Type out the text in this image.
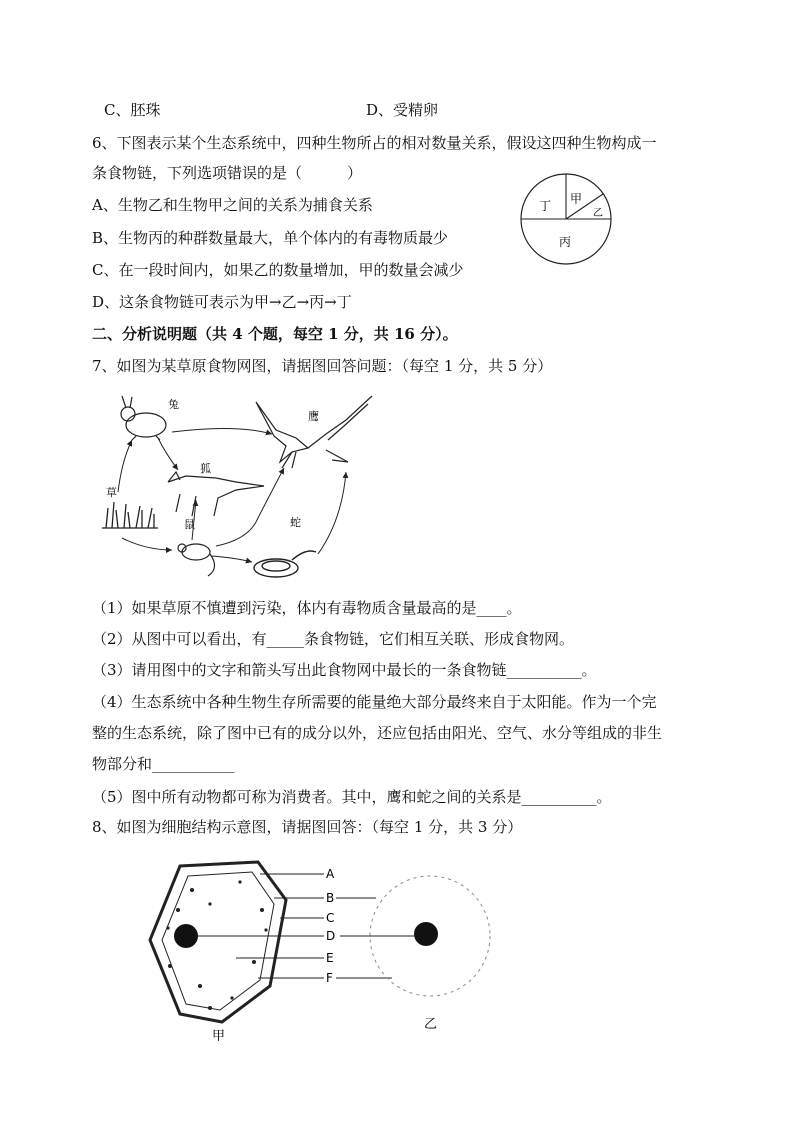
C、胚珠	D、受精卵
6、下图表示某个生态系统中，四种生物所占的相对数量关系，假设这四种生物构成一
条食物链，下列选项错误的是（　　　）
A、生物乙和生物甲之间的关系为捕食关系
B、生物丙的种群数量最大，单个体内的有毒物质最少
C、在一段时间内，如果乙的数量增加，甲的数量会减少
D、这条食物链可表示为甲→乙→丙→丁
丁 甲
乙
丙
二、分析说明题（共 4 个题，每空 1 分，共 16 分）。
7、如图为某草原食物网图，请据图回答问题：（每空 1 分，共 5 分）
兔
鹰
狐
草
鼠	蛇
（1）如果草原不慎遭到污染，体内有毒物质含量最高的是____。
（2）从图中可以看出，有_____条食物链，它们相互关联、形成食物网。
（3）请用图中的文字和箭头写出此食物网中最长的一条食物链__________。
（4）生态系统中各种生物生存所需要的能量绝大部分最终来自于太阳能。作为一个完
整的生态系统，除了图中已有的成分以外，还应包括由阳光、空气、水分等组成的非生
物部分和___________
（5）图中所有动物都可称为消费者。其中，鹰和蛇之间的关系是__________。
8、如图为细胞结构示意图，请据图回答：（每空 1 分，共 3 分）
A
B
C
D
E
F
甲
乙
